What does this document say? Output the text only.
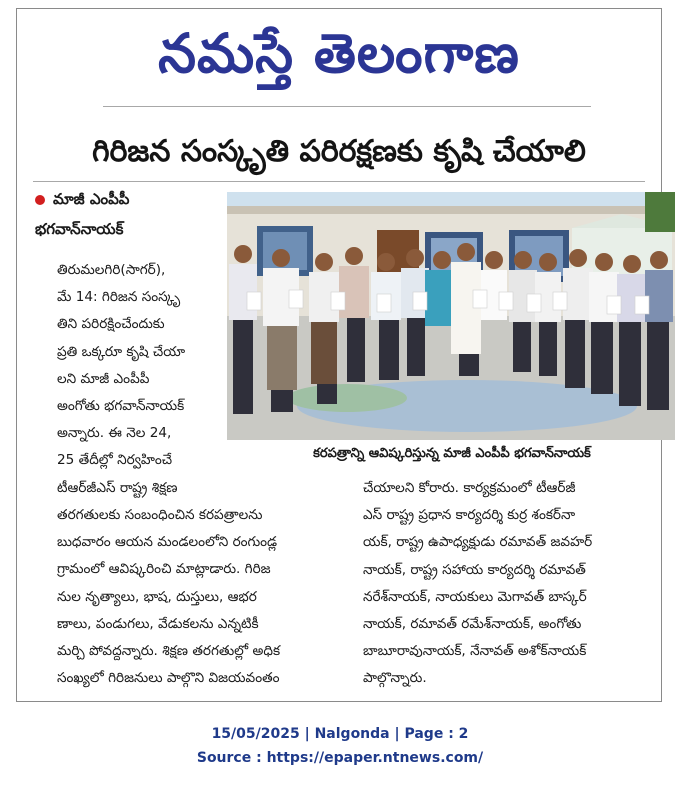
నమస్తే తెలంగాణ
గిరిజన సంస్కృతి పరిరక్షణకు కృషి చేయాలి
మాజీ ఎంపీపీ
భగవాన్‌నాయక్
తిరుమలగిరి(సాగర్),
మే 14: గిరిజన సంస్కృ
తిని పరిరక్షించేందుకు
ప్రతి ఒక్కరూ కృషి చేయా
లని మాజీ ఎంపీపీ
అంగోతు భగవాన్‌నాయక్
అన్నారు. ఈ నెల 24,
25 తేదీల్లో నిర్వహించే
టీఆర్‌జీఎస్ రాష్ట్ర శిక్షణ
తరగతులకు సంబంధించిన కరపత్రాలను
బుధవారం ఆయన మండలంలోని రంగుండ్ల
గ్రామంలో ఆవిష్కరించి మాట్లాడారు. గిరిజ
నుల నృత్యాలు, భాష, దుస్తులు, ఆభర
ణాలు, పండుగలు, వేడుకలను ఎన్నటికీ
మర్చి పోవద్దన్నారు. శిక్షణ తరగతుల్లో అధిక
సంఖ్యలో గిరిజనులు పాల్గొని విజయవంతం
చేయాలని కోరారు. కార్యక్రమంలో టీఆర్‌జీ
ఎస్ రాష్ట్ర ప్రధాన కార్యదర్శి కుర్ర శంకర్‌నా
యక్, రాష్ట్ర ఉపాధ్యక్షుడు రమావత్ జవహర్
నాయక్, రాష్ట్ర సహాయ కార్యదర్శి రమావత్
నరేశ్‌నాయక్, నాయకులు మెగావత్ బాస్కర్
నాయక్, రమావత్ రమేశ్‌నాయక్, అంగోతు
బాబూరావునాయక్, నేనావత్ అశోక్‌నాయక్
పాల్గొన్నారు.
కరపత్రాన్ని ఆవిష్కరిస్తున్న మాజీ ఎంపీపీ భగవాన్‌నాయక్
15/05/2025 | Nalgonda | Page : 2
Source : https://epaper.ntnews.com/
